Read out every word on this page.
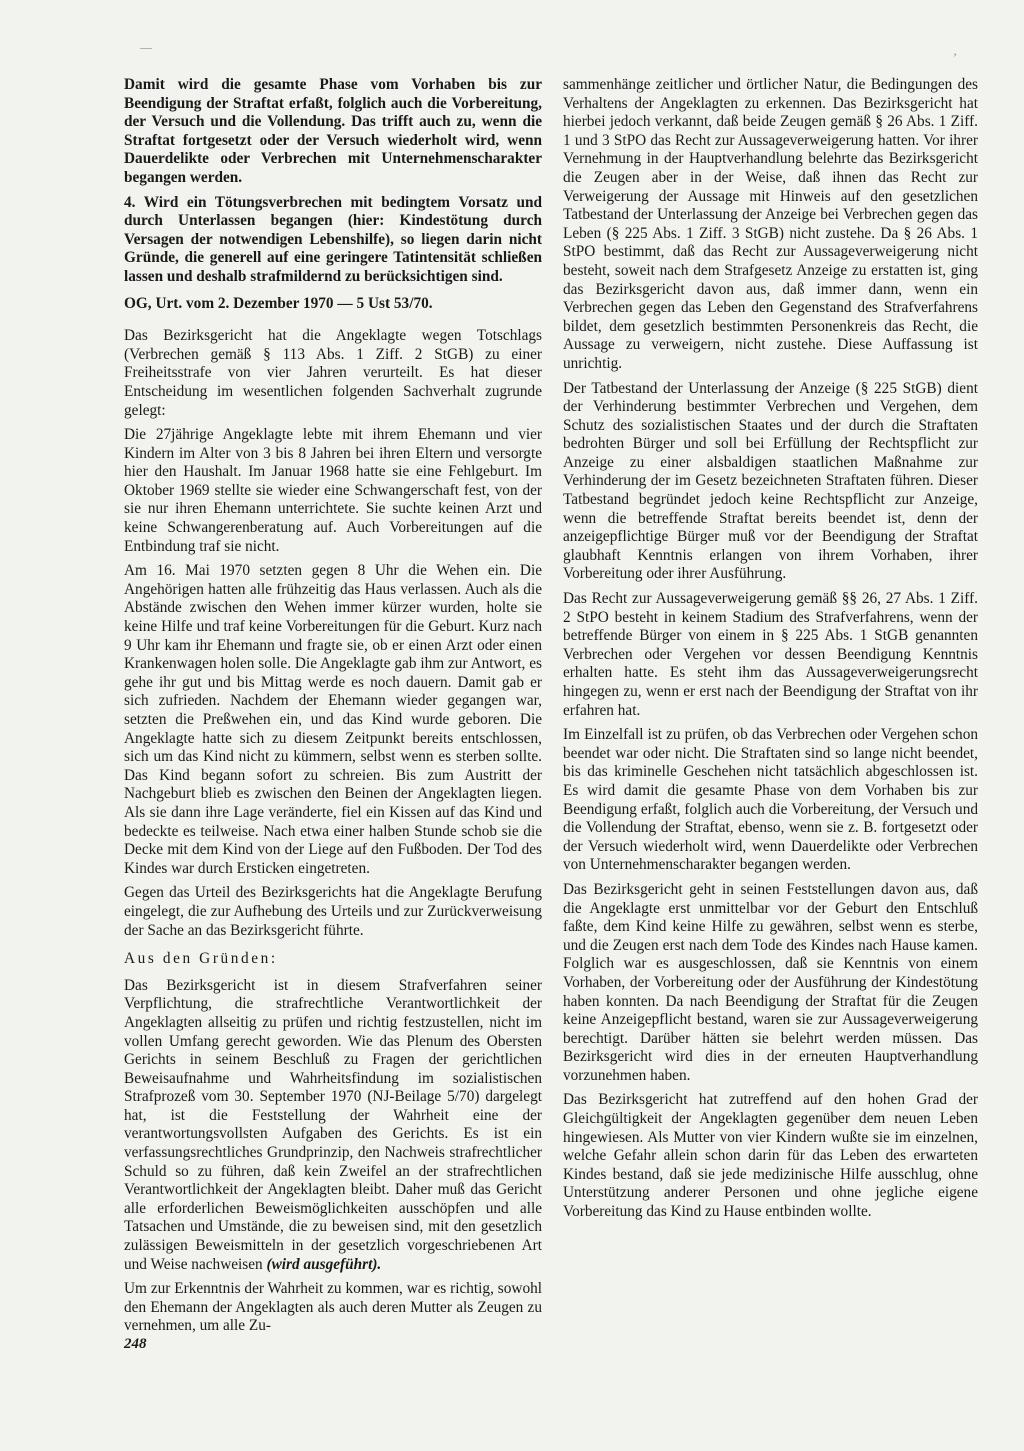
—
’

Damit wird die gesamte Phase vom Vorhaben bis zur Beendigung der Straftat erfaßt, folglich auch die Vorbereitung, der Versuch und die Vollendung. Das trifft auch zu, wenn die Straftat fortgesetzt oder der Versuch wiederholt wird, wenn Dauerdelikte oder Verbrechen mit Unternehmenscharakter begangen werden.

4. Wird ein Tötungsverbrechen mit bedingtem Vorsatz und durch Unterlassen begangen (hier: Kindestötung durch Versagen der notwendigen Lebenshilfe), so liegen darin nicht Gründe, die generell auf eine geringere Tatintensität schließen lassen und deshalb strafmildernd zu berücksichtigen sind.

OG, Urt. vom 2. Dezember 1970 — 5 Ust 53/70.

Das Bezirksgericht hat die Angeklagte wegen Totschlags (Verbrechen gemäß § 113 Abs. 1 Ziff. 2 StGB) zu einer Freiheitsstrafe von vier Jahren verurteilt. Es hat dieser Entscheidung im wesentlichen folgenden Sachverhalt zugrunde gelegt:

Die 27jährige Angeklagte lebte mit ihrem Ehemann und vier Kindern im Alter von 3 bis 8 Jahren bei ihren Eltern und versorgte hier den Haushalt. Im Januar 1968 hatte sie eine Fehlgeburt. Im Oktober 1969 stellte sie wieder eine Schwangerschaft fest, von der sie nur ihren Ehemann unterrichtete. Sie suchte keinen Arzt und keine Schwangerenberatung auf. Auch Vorbereitungen auf die Entbindung traf sie nicht.

Am 16. Mai 1970 setzten gegen 8 Uhr die Wehen ein. Die Angehörigen hatten alle frühzeitig das Haus verlassen. Auch als die Abstände zwischen den Wehen immer kürzer wurden, holte sie keine Hilfe und traf keine Vorbereitungen für die Geburt. Kurz nach 9 Uhr kam ihr Ehemann und fragte sie, ob er einen Arzt oder einen Krankenwagen holen solle. Die Angeklagte gab ihm zur Antwort, es gehe ihr gut und bis Mittag werde es noch dauern. Damit gab er sich zufrieden. Nachdem der Ehemann wieder gegangen war, setzten die Preßwehen ein, und das Kind wurde geboren. Die Angeklagte hatte sich zu diesem Zeitpunkt bereits entschlossen, sich um das Kind nicht zu kümmern, selbst wenn es sterben sollte. Das Kind begann sofort zu schreien. Bis zum Austritt der Nachgeburt blieb es zwischen den Beinen der Angeklagten liegen. Als sie dann ihre Lage veränderte, fiel ein Kissen auf das Kind und bedeckte es teilweise. Nach etwa einer halben Stunde schob sie die Decke mit dem Kind von der Liege auf den Fußboden. Der Tod des Kindes war durch Ersticken eingetreten.

Gegen das Urteil des Bezirksgerichts hat die Angeklagte Berufung eingelegt, die zur Aufhebung des Urteils und zur Zurückverweisung der Sache an das Bezirksgericht führte.

Aus den Gründen:

Das Bezirksgericht ist in diesem Strafverfahren seiner Verpflichtung, die strafrechtliche Verantwortlichkeit der Angeklagten allseitig zu prüfen und richtig festzustellen, nicht im vollen Umfang gerecht geworden. Wie das Plenum des Obersten Gerichts in seinem Beschluß zu Fragen der gerichtlichen Beweisaufnahme und Wahrheitsfindung im sozialistischen Strafprozeß vom 30. September 1970 (NJ-Beilage 5/70) dargelegt hat, ist die Feststellung der Wahrheit eine der verantwortungsvollsten Aufgaben des Gerichts. Es ist ein verfassungsrechtliches Grundprinzip, den Nachweis strafrechtlicher Schuld so zu führen, daß kein Zweifel an der strafrechtlichen Verantwortlichkeit der Angeklagten bleibt. Daher muß das Gericht alle erforderlichen Beweismöglichkeiten ausschöpfen und alle Tatsachen und Umstände, die zu beweisen sind, mit den gesetzlich zulässigen Beweismitteln in der gesetzlich vorgeschriebenen Art und Weise nachweisen (wird ausgeführt).

Um zur Erkenntnis der Wahrheit zu kommen, war es richtig, sowohl den Ehemann der Angeklagten als auch deren Mutter als Zeugen zu vernehmen, um alle Zu-

sammenhänge zeitlicher und örtlicher Natur, die Bedingungen des Verhaltens der Angeklagten zu erkennen. Das Bezirksgericht hat hierbei jedoch verkannt, daß beide Zeugen gemäß § 26 Abs. 1 Ziff. 1 und 3 StPO das Recht zur Aussageverweigerung hatten. Vor ihrer Vernehmung in der Hauptverhandlung belehrte das Bezirksgericht die Zeugen aber in der Weise, daß ihnen das Recht zur Verweigerung der Aussage mit Hinweis auf den gesetzlichen Tatbestand der Unterlassung der Anzeige bei Verbrechen gegen das Leben (§ 225 Abs. 1 Ziff. 3 StGB) nicht zustehe. Da § 26 Abs. 1 StPO bestimmt, daß das Recht zur Aussageverweigerung nicht besteht, soweit nach dem Strafgesetz Anzeige zu erstatten ist, ging das Bezirksgericht davon aus, daß immer dann, wenn ein Verbrechen gegen das Leben den Gegenstand des Strafverfahrens bildet, dem gesetzlich bestimmten Personenkreis das Recht, die Aussage zu verweigern, nicht zustehe. Diese Auffassung ist unrichtig.

Der Tatbestand der Unterlassung der Anzeige (§ 225 StGB) dient der Verhinderung bestimmter Verbrechen und Vergehen, dem Schutz des sozialistischen Staates und der durch die Straftaten bedrohten Bürger und soll bei Erfüllung der Rechtspflicht zur Anzeige zu einer alsbaldigen staatlichen Maßnahme zur Verhinderung der im Gesetz bezeichneten Straftaten führen. Dieser Tatbestand begründet jedoch keine Rechtspflicht zur Anzeige, wenn die betreffende Straftat bereits beendet ist, denn der anzeigepflichtige Bürger muß vor der Beendigung der Straftat glaubhaft Kenntnis erlangen von ihrem Vorhaben, ihrer Vorbereitung oder ihrer Ausführung.

Das Recht zur Aussageverweigerung gemäß §§ 26, 27 Abs. 1 Ziff. 2 StPO besteht in keinem Stadium des Strafverfahrens, wenn der betreffende Bürger von einem in § 225 Abs. 1 StGB genannten Verbrechen oder Vergehen vor dessen Beendigung Kenntnis erhalten hatte. Es steht ihm das Aussageverweigerungsrecht hingegen zu, wenn er erst nach der Beendigung der Straftat von ihr erfahren hat.

Im Einzelfall ist zu prüfen, ob das Verbrechen oder Vergehen schon beendet war oder nicht. Die Straftaten sind so lange nicht beendet, bis das kriminelle Geschehen nicht tatsächlich abgeschlossen ist. Es wird damit die gesamte Phase von dem Vorhaben bis zur Beendigung erfaßt, folglich auch die Vorbereitung, der Versuch und die Vollendung der Straftat, ebenso, wenn sie z. B. fortgesetzt oder der Versuch wiederholt wird, wenn Dauerdelikte oder Verbrechen von Unternehmenscharakter begangen werden.

Das Bezirksgericht geht in seinen Feststellungen davon aus, daß die Angeklagte erst unmittelbar vor der Geburt den Entschluß faßte, dem Kind keine Hilfe zu gewähren, selbst wenn es sterbe, und die Zeugen erst nach dem Tode des Kindes nach Hause kamen. Folglich war es ausgeschlossen, daß sie Kenntnis von einem Vorhaben, der Vorbereitung oder der Ausführung der Kindestötung haben konnten. Da nach Beendigung der Straftat für die Zeugen keine Anzeigepflicht bestand, waren sie zur Aussageverweigerung berechtigt. Darüber hätten sie belehrt werden müssen. Das Bezirksgericht wird dies in der erneuten Hauptverhandlung vorzunehmen haben.

Das Bezirksgericht hat zutreffend auf den hohen Grad der Gleichgültigkeit der Angeklagten gegenüber dem neuen Leben hingewiesen. Als Mutter von vier Kindern wußte sie im einzelnen, welche Gefahr allein schon darin für das Leben des erwarteten Kindes bestand, daß sie jede medizinische Hilfe ausschlug, ohne Unterstützung anderer Personen und ohne jegliche eigene Vorbereitung das Kind zu Hause entbinden wollte.

248
